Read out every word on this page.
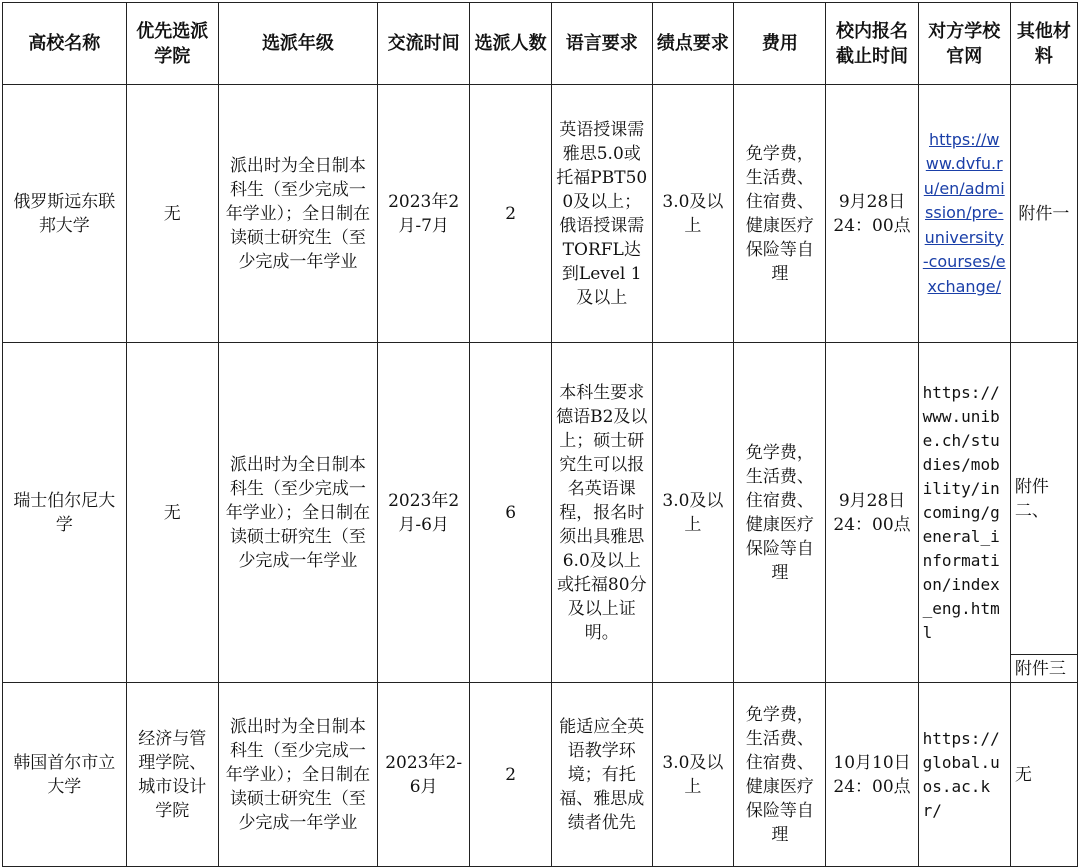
高校名称	优先选派学院	选派年级	交流时间	选派人数	语言要求	绩点要求	费用	校内报名截止时间	对方学校官网	其他材料
俄罗斯远东联邦大学	无	派出时为全日制本科生（至少完成一年学业）；全日制在读硕士研究生（至少完成一年学业	2023年2月-7月	2	英语授课需雅思5.0或托福PBT500及以上；俄语授课需TORFL达到Level 1及以上	3.0及以上	免学费，生活费、住宿费、健康医疗保险等自理	9月28日24：00点	https://www.dvfu.ru/en/admission/pre-university-courses/exchange/	附件一
瑞士伯尔尼大学	无	派出时为全日制本科生（至少完成一年学业）；全日制在读硕士研究生（至少完成一年学业	2023年2月-6月	6	本科生要求德语B2及以上；硕士研究生可以报名英语课程，报名时须出具雅思6.0及以上或托福80分及以上证明。	3.0及以上	免学费，生活费、住宿费、健康医疗保险等自理	9月28日24：00点	https://www.unibe.ch/studies/mobility/incoming/general_information/index_eng.html	附件二、
										附件三
韩国首尔市立大学	经济与管理学院、城市设计学院	派出时为全日制本科生（至少完成一年学业）；全日制在读硕士研究生（至少完成一年学业	2023年2-6月	2	能适应全英语教学环境；有托福、雅思成绩者优先	3.0及以上	免学费，生活费、住宿费、健康医疗保险等自理	10月10日24：00点	https://global.uos.ac.kr/	无
